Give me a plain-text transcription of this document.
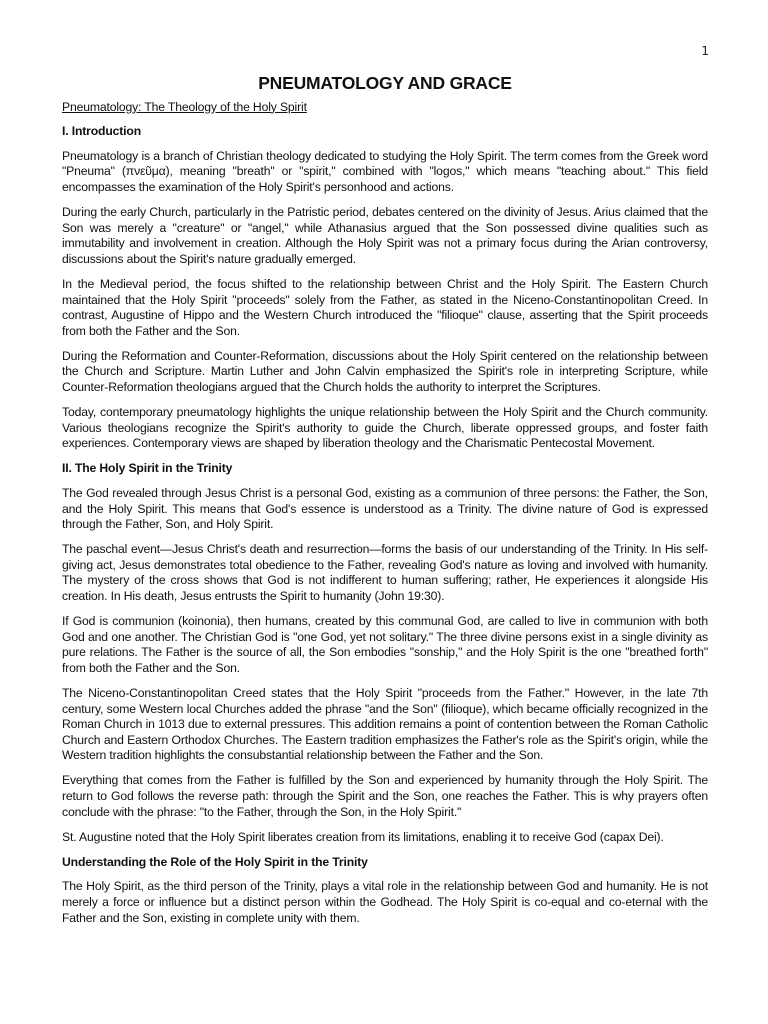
1
PNEUMATOLOGY AND GRACE
Pneumatology: The Theology of the Holy Spirit
I. Introduction

Pneumatology is a branch of Christian theology dedicated to studying the Holy Spirit. The term comes from the Greek word "Pneuma" (πνεῦμα), meaning "breath" or "spirit," combined with "logos," which means "teaching about." This field encompasses the examination of the Holy Spirit's personhood and actions.

During the early Church, particularly in the Patristic period, debates centered on the divinity of Jesus. Arius claimed that the Son was merely a "creature" or "angel," while Athanasius argued that the Son possessed divine qualities such as immutability and involvement in creation. Although the Holy Spirit was not a primary focus during the Arian controversy, discussions about the Spirit's nature gradually emerged.

In the Medieval period, the focus shifted to the relationship between Christ and the Holy Spirit. The Eastern Church maintained that the Holy Spirit "proceeds" solely from the Father, as stated in the Niceno-Constantinopolitan Creed. In contrast, Augustine of Hippo and the Western Church introduced the "filioque" clause, asserting that the Spirit proceeds from both the Father and the Son.

During the Reformation and Counter-Reformation, discussions about the Holy Spirit centered on the relationship between the Church and Scripture. Martin Luther and John Calvin emphasized the Spirit's role in interpreting Scripture, while Counter-Reformation theologians argued that the Church holds the authority to interpret the Scriptures.

Today, contemporary pneumatology highlights the unique relationship between the Holy Spirit and the Church community. Various theologians recognize the Spirit's authority to guide the Church, liberate oppressed groups, and foster faith experiences. Contemporary views are shaped by liberation theology and the Charismatic Pentecostal Movement.

II. The Holy Spirit in the Trinity

The God revealed through Jesus Christ is a personal God, existing as a communion of three persons: the Father, the Son, and the Holy Spirit. This means that God's essence is understood as a Trinity. The divine nature of God is expressed through the Father, Son, and Holy Spirit.

The paschal event—Jesus Christ's death and resurrection—forms the basis of our understanding of the Trinity. In His self-giving act, Jesus demonstrates total obedience to the Father, revealing God's nature as loving and involved with humanity. The mystery of the cross shows that God is not indifferent to human suffering; rather, He experiences it alongside His creation. In His death, Jesus entrusts the Spirit to humanity (John 19:30).

If God is communion (koinonia), then humans, created by this communal God, are called to live in communion with both God and one another. The Christian God is "one God, yet not solitary." The three divine persons exist in a single divinity as pure relations. The Father is the source of all, the Son embodies "sonship," and the Holy Spirit is the one "breathed forth" from both the Father and the Son.

The Niceno-Constantinopolitan Creed states that the Holy Spirit "proceeds from the Father." However, in the late 7th century, some Western local Churches added the phrase "and the Son" (filioque), which became officially recognized in the Roman Church in 1013 due to external pressures. This addition remains a point of contention between the Roman Catholic Church and Eastern Orthodox Churches. The Eastern tradition emphasizes the Father's role as the Spirit's origin, while the Western tradition highlights the consubstantial relationship between the Father and the Son.

Everything that comes from the Father is fulfilled by the Son and experienced by humanity through the Holy Spirit. The return to God follows the reverse path: through the Spirit and the Son, one reaches the Father. This is why prayers often conclude with the phrase: "to the Father, through the Son, in the Holy Spirit."

St. Augustine noted that the Holy Spirit liberates creation from its limitations, enabling it to receive God (capax Dei).

Understanding the Role of the Holy Spirit in the Trinity

The Holy Spirit, as the third person of the Trinity, plays a vital role in the relationship between God and humanity. He is not merely a force or influence but a distinct person within the Godhead. The Holy Spirit is co-equal and co-eternal with the Father and the Son, existing in complete unity with them.
